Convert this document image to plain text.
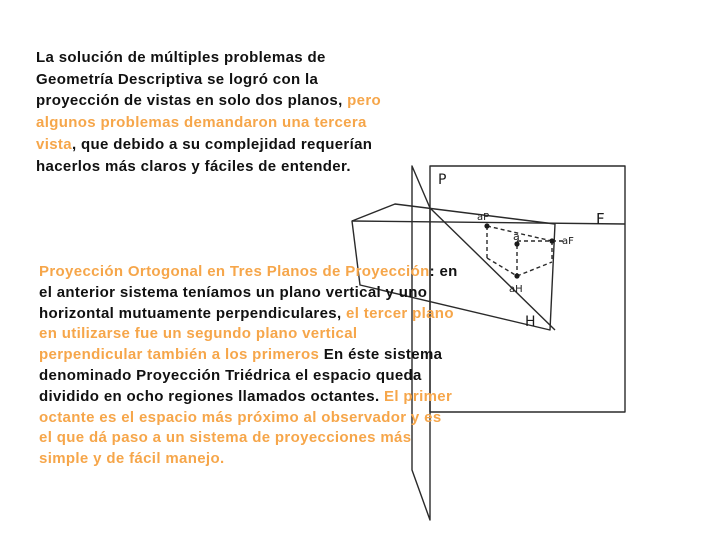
P
F
H
aP
a	aF
aH

La solución de múltiples problemas de Geometría Descriptiva se logró con la proyección de vistas en solo dos planos, pero algunos problemas demandaron una tercera vista, que debido a su complejidad requerían hacerlos más claros y fáciles de entender.

Proyección Ortogonal en Tres Planos de Proyección: en el anterior sistema teníamos un plano vertical y uno horizontal mutuamente perpendiculares, el tercer plano en utilizarse fue un segundo plano vertical perpendicular también a los primeros En éste sistema denominado Proyección Triédrica el espacio queda dividido en ocho regiones llamados octantes. El primer octante es el espacio más próximo al observador y es el que dá paso a un sistema de proyecciones más simple y de fácil manejo.
